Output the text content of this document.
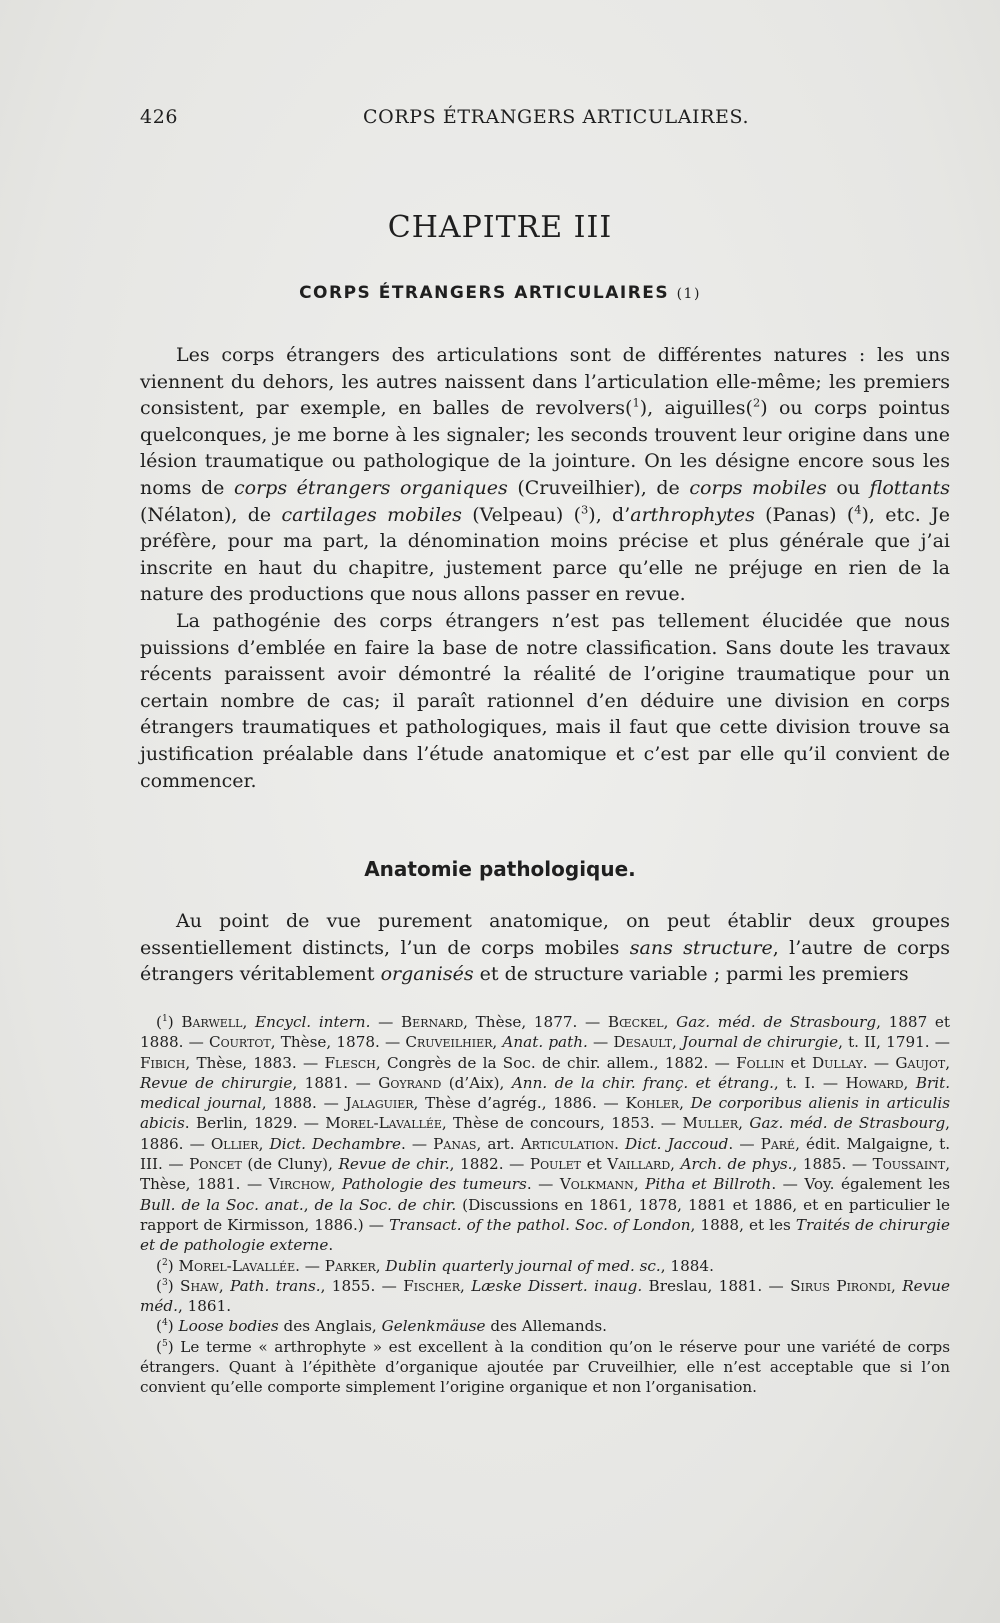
426	CORPS ÉTRANGERS ARTICULAIRES.
CHAPITRE III
CORPS ÉTRANGERS ARTICULAIRES (1)

Les corps étrangers des articulations sont de différentes natures : les uns viennent du dehors, les autres naissent dans l’articulation elle-même; les premiers consistent, par exemple, en balles de revolvers($^1$), aiguilles($^2$) ou corps pointus quelconques, je me borne à les signaler; les seconds trouvent leur origine dans une lésion traumatique ou pathologique de la jointure. On les désigne encore sous les noms de corps étrangers organiques (Cruveilhier), de corps mobiles ou flottants (Nélaton), de cartilages mobiles (Velpeau) ($^3$), d’arthrophytes (Panas) ($^4$), etc. Je préfère, pour ma part, la dénomination moins précise et plus générale que j’ai inscrite en haut du chapitre, justement parce qu’elle ne préjuge en rien de la nature des productions que nous allons passer en revue.

La pathogénie des corps étrangers n’est pas tellement élucidée que nous puissions d’emblée en faire la base de notre classification. Sans doute les travaux récents paraissent avoir démontré la réalité de l’origine traumatique pour un certain nombre de cas; il paraît rationnel d’en déduire une division en corps étrangers traumatiques et pathologiques, mais il faut que cette division trouve sa justification préalable dans l’étude anatomique et c’est par elle qu’il convient de commencer.

Anatomie pathologique.

Au point de vue purement anatomique, on peut établir deux groupes essentiellement distincts, l’un de corps mobiles sans structure, l’autre de corps étrangers véritablement organisés et de structure variable ; parmi les premiers

($^1$) Barwell, Encycl. intern. — Bernard, Thèse, 1877. — Bœckel, Gaz. méd. de Strasbourg, 1887 et 1888. — Courtot, Thèse, 1878. — Cruveilhier, Anat. path. — Desault, Journal de chirurgie, t. II, 1791. — Fibich, Thèse, 1883. — Flesch, Congrès de la Soc. de chir. allem., 1882. — Follin et Dullay. — Gaujot, Revue de chirurgie, 1881. — Goyrand (d’Aix), Ann. de la chir. franç. et étrang., t. I. — Howard, Brit. medical journal, 1888. — Jalaguier, Thèse d’agrég., 1886. — Kohler, De corporibus alienis in articulis abicis. Berlin, 1829. — Morel-Lavallée, Thèse de concours, 1853. — Muller, Gaz. méd. de Strasbourg, 1886. — Ollier, Dict. Dechambre. — Panas, art. Articulation. Dict. Jaccoud. — Paré, édit. Malgaigne, t. III. — Poncet (de Cluny), Revue de chir., 1882. — Poulet et Vaillard, Arch. de phys., 1885. — Toussaint, Thèse, 1881. — Virchow, Pathologie des tumeurs. — Volkmann, Pitha et Billroth. — Voy. également les Bull. de la Soc. anat., de la Soc. de chir. (Discussions en 1861, 1878, 1881 et 1886, et en particulier le rapport de Kirmisson, 1886.) — Transact. of the pathol. Soc. of London, 1888, et les Traités de chirurgie et de pathologie externe.

($^2$) Morel-Lavallée. — Parker, Dublin quarterly journal of med. sc., 1884.

($^3$) Shaw, Path. trans., 1855. — Fischer, Læske Dissert. inaug. Breslau, 1881. — Sirus Pirondi, Revue méd., 1861.

($^4$) Loose bodies des Anglais, Gelenkmäuse des Allemands.

($^5$) Le terme « arthrophyte » est excellent à la condition qu’on le réserve pour une variété de corps étrangers. Quant à l’épithète d’organique ajoutée par Cruveilhier, elle n’est acceptable que si l’on convient qu’elle comporte simplement l’origine organique et non l’organisation.
